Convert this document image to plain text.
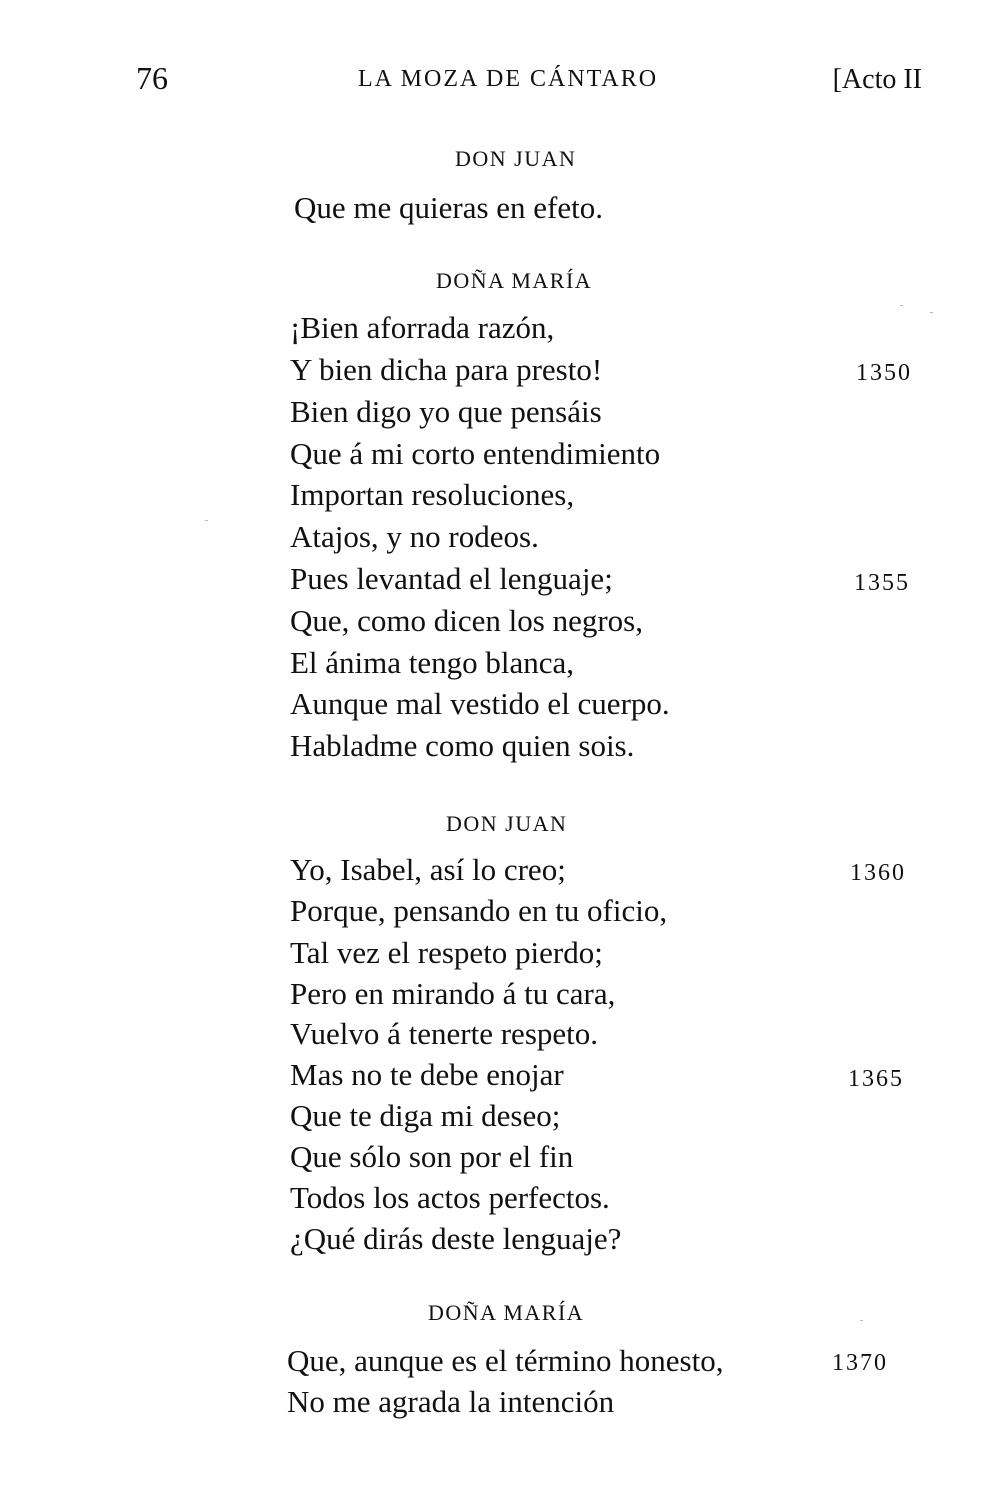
76	LA MOZA DE CÁNTARO	[Acto II
DON JUAN
Que me quieras en efeto.
DOÑA MARÍA
¡Bien aforrada razón,
Y bien dicha para presto!
Bien digo yo que pensáis
Que á mi corto entendimiento
Importan resoluciones,
Atajos, y no rodeos.
Pues levantad el lenguaje;
Que, como dicen los negros,
El ánima tengo blanca,
Aunque mal vestido el cuerpo.
Habladme como quien sois.
DON JUAN
Yo, Isabel, así lo creo;
Porque, pensando en tu oficio,
Tal vez el respeto pierdo;
Pero en mirando á tu cara,
Vuelvo á tenerte respeto.
Mas no te debe enojar
Que te diga mi deseo;
Que sólo son por el fin
Todos los actos perfectos.
¿Qué dirás deste lenguaje?
DOÑA MARÍA
Que, aunque es el término honesto,
No me agrada la intención
1350
1355
1360
1365
1370
